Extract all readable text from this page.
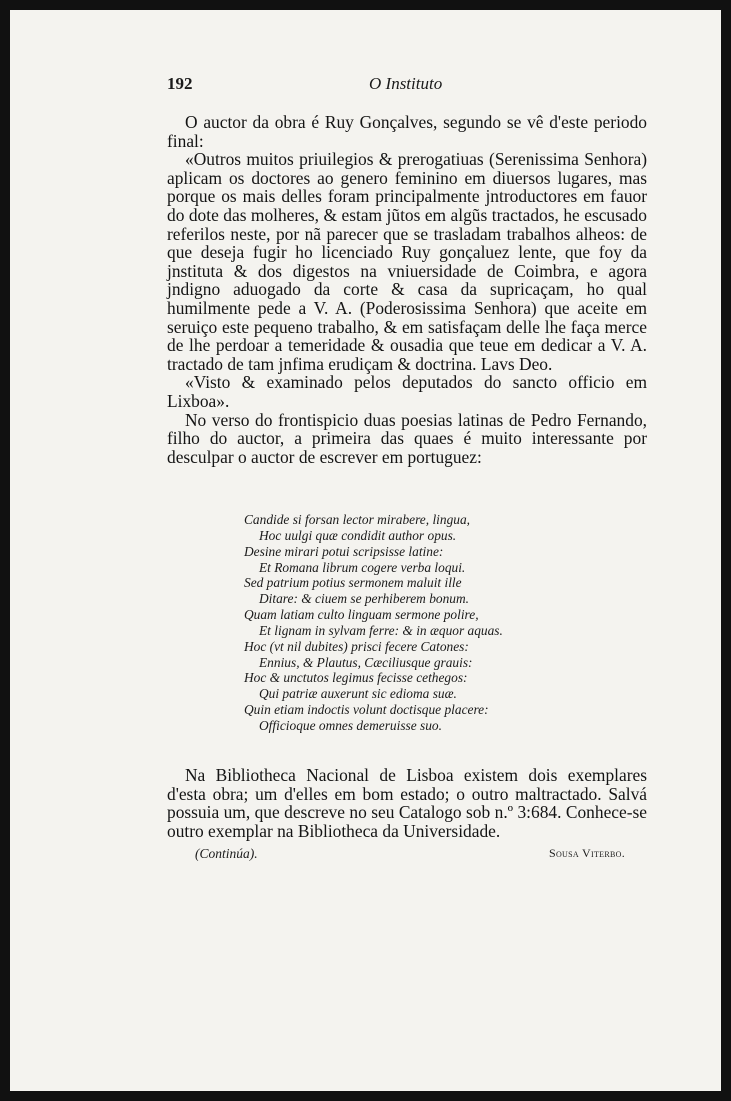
192	O Instituto

O auctor da obra é Ruy Gonçalves, segundo se vê d'este periodo final:

«Outros muitos priuilegios & prerogatiuas (Serenissima Senhora) aplicam os doctores ao genero feminino em diuersos lugares, mas porque os mais delles foram principalmente jntroductores em fauor do dote das molheres, & estam jũtos em algũs tractados, he escusado referilos neste, por nã parecer que se trasladam trabalhos alheos: de que deseja fugir ho licenciado Ruy gonçaluez lente, que foy da jnstituta & dos digestos na vniuersidade de Coimbra, e agora jndigno aduogado da corte & casa da supricaçam, ho qual humilmente pede a V. A. (Poderosissima Senhora) que aceite em seruiço este pequeno trabalho, & em satisfaçam delle lhe faça merce de lhe perdoar a temeridade & ousadia que teue em dedicar a V. A. tractado de tam jnfima erudiçam & doctrina. Lavs Deo.

«Visto & examinado pelos deputados do sancto officio em Lixboa».

No verso do frontispicio duas poesias latinas de Pedro Fernando, filho do auctor, a primeira das quaes é muito interessante por desculpar o auctor de escrever em portuguez:

Candide si forsan lector mirabere, lingua,
Hoc uulgi quæ condidit author opus.
Desine mirari potui scripsisse latine:
Et Romana librum cogere verba loqui.
Sed patrium potius sermonem maluit ille
Ditare: & ciuem se perhiberem bonum.
Quam latiam culto linguam sermone polire,
Et lignam in sylvam ferre: & in æquor aquas.
Hoc (vt nil dubites) prisci fecere Catones:
Ennius, & Plautus, Cæciliusque grauis:
Hoc & unctutos legimus fecisse cethegos:
Qui patriæ auxerunt sic edioma suæ.
Quin etiam indoctis volunt doctisque placere:
Officioque omnes demeruisse suo.

Na Bibliotheca Nacional de Lisboa existem dois exemplares d'esta obra; um d'elles em bom estado; o outro maltractado. Salvá possuia um, que descreve no seu Catalogo sob n.º 3:684. Conhece-se outro exemplar na Bibliotheca da Universidade.

(Continúa).	Sousa Viterbo.
